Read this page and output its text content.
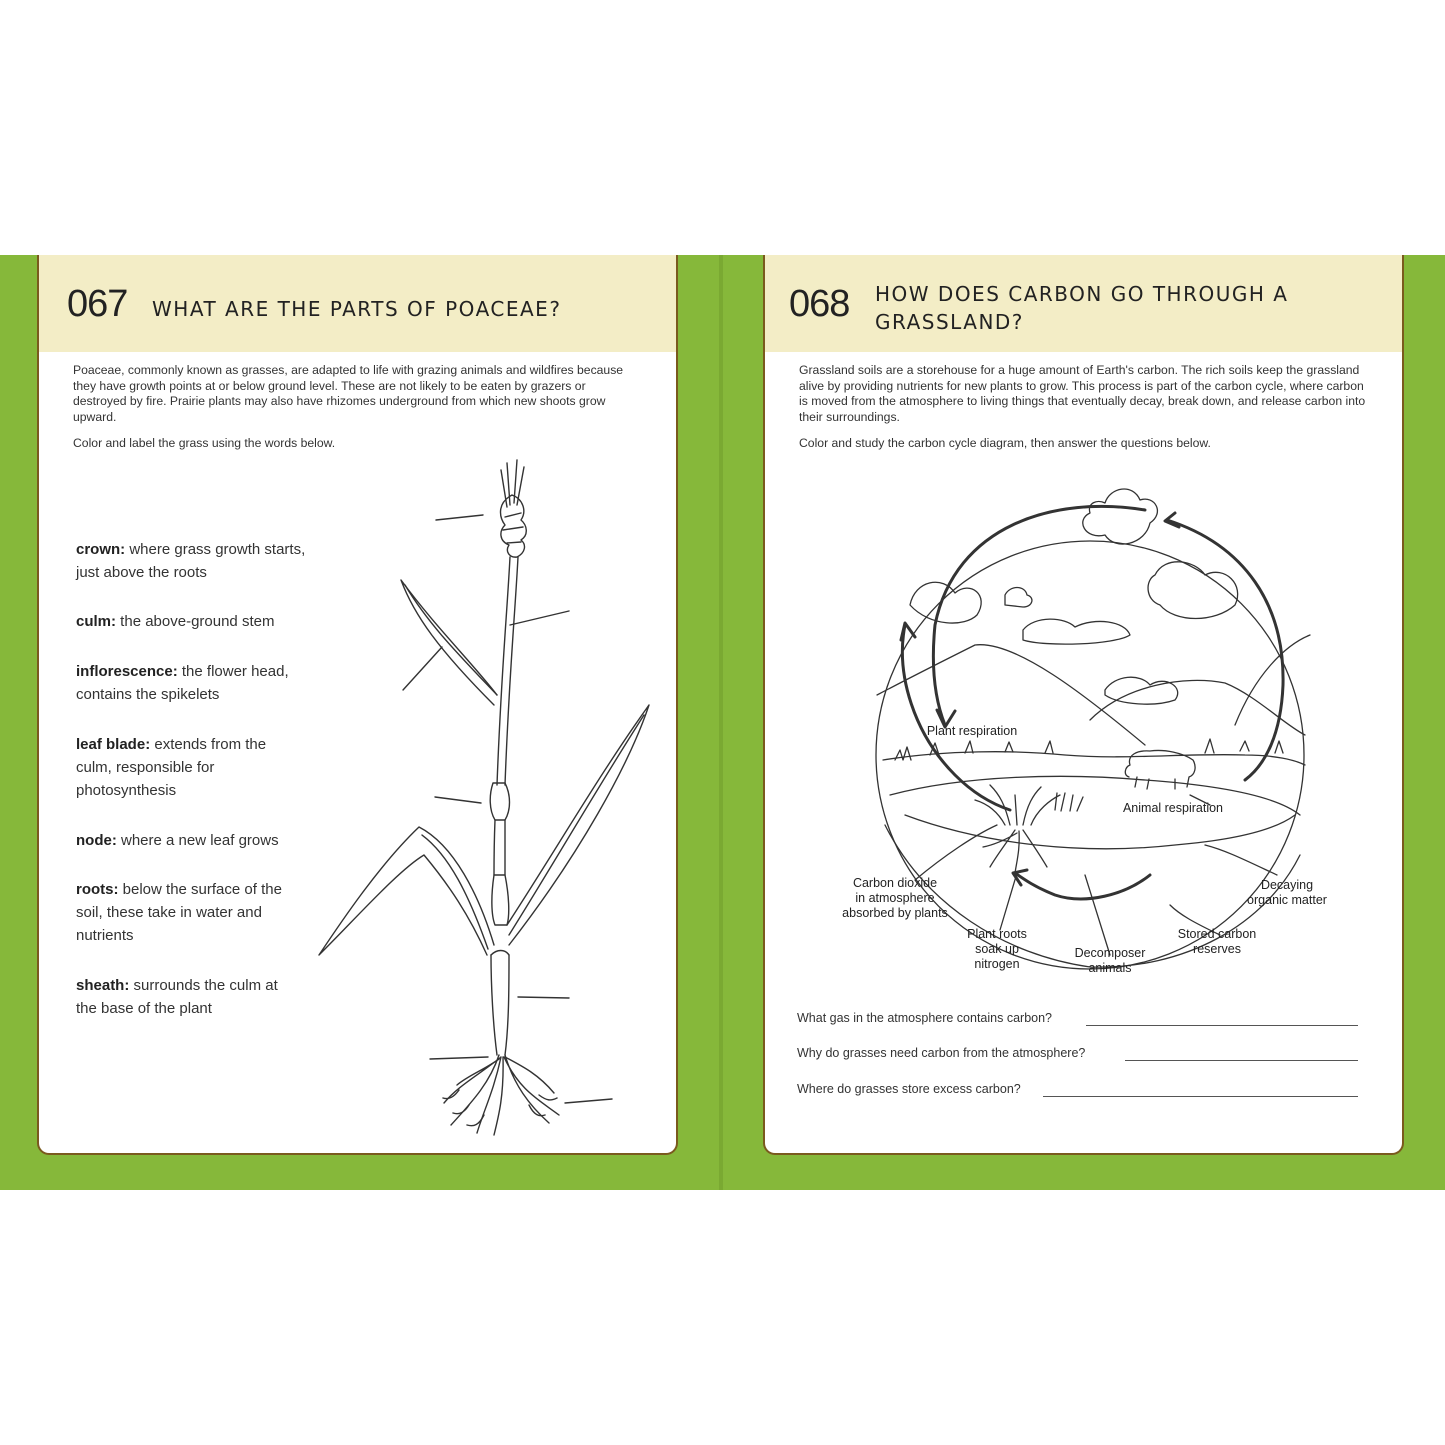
067 WHAT ARE THE PARTS OF POACEAE?
Poaceae, commonly known as grasses, are adapted to life with grazing animals and wildfires because they have growth points at or below ground level. These are not likely to be eaten by grazers or destroyed by fire. Prairie plants may also have rhizomes underground from which new shoots grow upward.
Color and label the grass using the words below.
crown: where grass growth starts, just above the roots
culm: the above-ground stem
inflorescence: the flower head, contains the spikelets
leaf blade: extends from the culm, responsible for photosynthesis
node: where a new leaf grows
roots: below the surface of the soil, these take in water and nutrients
sheath: surrounds the culm at the base of the plant
068 HOW DOES CARBON GO THROUGH A GRASSLAND?
Grassland soils are a storehouse for a huge amount of Earth's carbon. The rich soils keep the grassland alive by providing nutrients for new plants to grow. This process is part of the carbon cycle, where carbon is moved from the atmosphere to living things that eventually decay, break down, and release carbon into their surroundings.
Color and study the carbon cycle diagram, then answer the questions below.
Plant respiration
Animal respiration
Carbon dioxide
in atmosphere
absorbed by plants
Plant roots
soak up
nitrogen
Decomposer
animals
Stored carbon
reserves
Decaying
organic matter
What gas in the atmosphere contains carbon?
Why do grasses need carbon from the atmosphere?
Where do grasses store excess carbon?
